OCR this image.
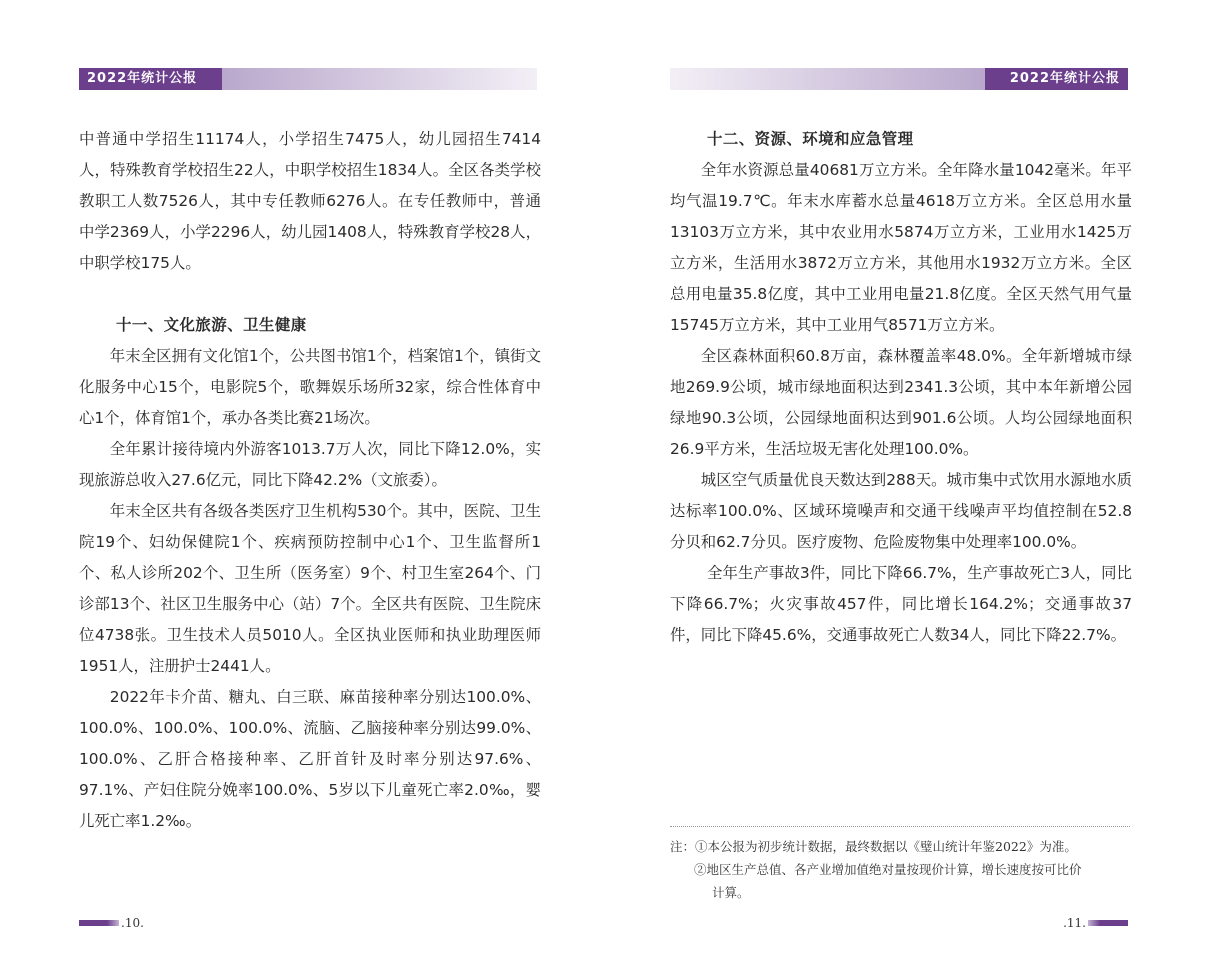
2022年统计公报	2022年统计公报

中普通中学招生11174人，小学招生7475人，幼儿园招生7414人，特殊教育学校招生22人，中职学校招生1834人。全区各类学校教职工人数7526人，其中专任教师6276人。在专任教师中，普通中学2369人，小学2296人，幼儿园1408人，特殊教育学校28人，中职学校175人。

十一、文化旅游、卫生健康

年末全区拥有文化馆1个，公共图书馆1个，档案馆1个，镇街文化服务中心15个，电影院5个，歌舞娱乐场所32家，综合性体育中心1个，体育馆1个，承办各类比赛21场次。

全年累计接待境内外游客1013.7万人次，同比下降12.0%，实现旅游总收入27.6亿元，同比下降42.2%（文旅委）。

年末全区共有各级各类医疗卫生机构530个。其中，医院、卫生院19个、妇幼保健院1个、疾病预防控制中心1个、卫生监督所1个、私人诊所202个、卫生所（医务室）9个、村卫生室264个、门诊部13个、社区卫生服务中心（站）7个。全区共有医院、卫生院床位4738张。卫生技术人员5010人。全区执业医师和执业助理医师1951人，注册护士2441人。

2022年卡介苗、糖丸、白三联、麻苗接种率分别达100.0%、100.0%、100.0%、100.0%、流脑、乙脑接种率分别达99.0%、100.0%、乙肝合格接种率、乙肝首针及时率分别达97.6%、97.1%、产妇住院分娩率100.0%、5岁以下儿童死亡率2.0‰，婴儿死亡率1.2‰。

十二、资源、环境和应急管理

全年水资源总量40681万立方米。全年降水量1042毫米。年平均气温19.7℃。年末水库蓄水总量4618万立方米。全区总用水量13103万立方米，其中农业用水5874万立方米，工业用水1425万立方米，生活用水3872万立方米，其他用水1932万立方米。全区总用电量35.8亿度，其中工业用电量21.8亿度。全区天然气用气量15745万立方米，其中工业用气8571万立方米。

全区森林面积60.8万亩，森林覆盖率48.0%。全年新增城市绿地269.9公顷，城市绿地面积达到2341.3公顷，其中本年新增公园绿地90.3公顷，公园绿地面积达到901.6公顷。人均公园绿地面积26.9平方米，生活垃圾无害化处理100.0%。

城区空气质量优良天数达到288天。城市集中式饮用水源地水质达标率100.0%、区域环境噪声和交通干线噪声平均值控制在52.8分贝和62.7分贝。医疗废物、危险废物集中处理率100.0%。

全年生产事故3件，同比下降66.7%，生产事故死亡3人，同比下降66.7%；火灾事故457件，同比增长164.2%；交通事故37件，同比下降45.6%，交通事故死亡人数34人，同比下降22.7%。

注：①本公报为初步统计数据，最终数据以《璧山统计年鉴2022》为准。
②地区生产总值、各产业增加值绝对量按现价计算，增长速度按可比价
计算。
.10.	.11.
